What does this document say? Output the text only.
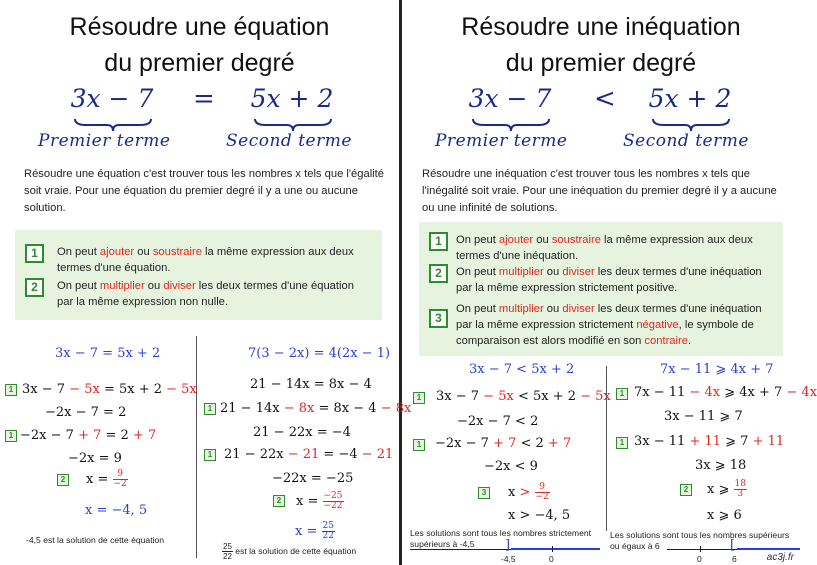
Résoudre une équation
du premier degré
3x − 7	=	5x + 2
Premier terme	Second terme
Résoudre une équation c'est trouver tous les nombres x tels que l'égalité soit vraie. Pour une équation du premier degré il y a une ou aucune solution.
1	On peut ajouter ou soustraire la même expression aux deux termes d'une équation.
2	On peut multiplier ou diviser les deux termes d'une équation par la même expression non nulle.
3x − 7 = 5x + 2
1 3x − 7 − 5x = 5x + 2 − 5x
−2x − 7 = 2
1 −2x − 7 + 7 = 2 + 7
−2x = 9
2 $x = \frac{9}{-2}$
x = −4, 5
-4,5 est la solution de cette équation
7(3 − 2x) = 4(2x − 1)
21 − 14x = 8x − 4
1 21 − 14x − 8x = 8x − 4 − 8x
21 − 22x = −4
1 21 − 22x − 21 = −4 − 21
−22x = −25
2 $x = \frac{-25}{-22}$
$x = \frac{25}{22}$
$\frac{25}{22}$ est la solution de cette équation
Résoudre une inéquation
du premier degré
3x − 7	<	5x + 2
Premier terme	Second terme
Résoudre une inéquation c'est trouver tous les nombres x tels que l'inégalité soit vraie. Pour une inéquation du premier degré il y a aucune ou une infinité de solutions.
1	On peut ajouter ou soustraire la même expression aux deux termes d'une inéquation.
2	On peut multiplier ou diviser les deux termes d'une inéquation par la même expression strictement positive.
3
On peut multiplier ou diviser les deux termes d'une inéquation par la même expression strictement négative, le symbole de comparaison est alors modifié en son contraire.
3x − 7 < 5x + 2
1 3x − 7 − 5x < 5x + 2 − 5x
−2x − 7 < 2
1 −2x − 7 + 7 < 2 + 7
−2x < 9
3 $x > \frac{9}{-2}$
x > −4, 5
Les solutions sont tous les nombres strictement supérieurs à -4,5	]
-4,5	0
7x − 11 ⩾ 4x + 7
1 7x − 11 − 4x ⩾ 4x + 7 − 4x
3x − 11 ⩾ 7
1 3x − 11 + 11 ⩾ 7 + 11
3x ⩾ 18
2 x ⩾ $\frac{18}{3}$
x ⩾ 6
Les solutions sont tous les nombres supérieurs ou égaux à 6	[
0	6	ac3j.fr
